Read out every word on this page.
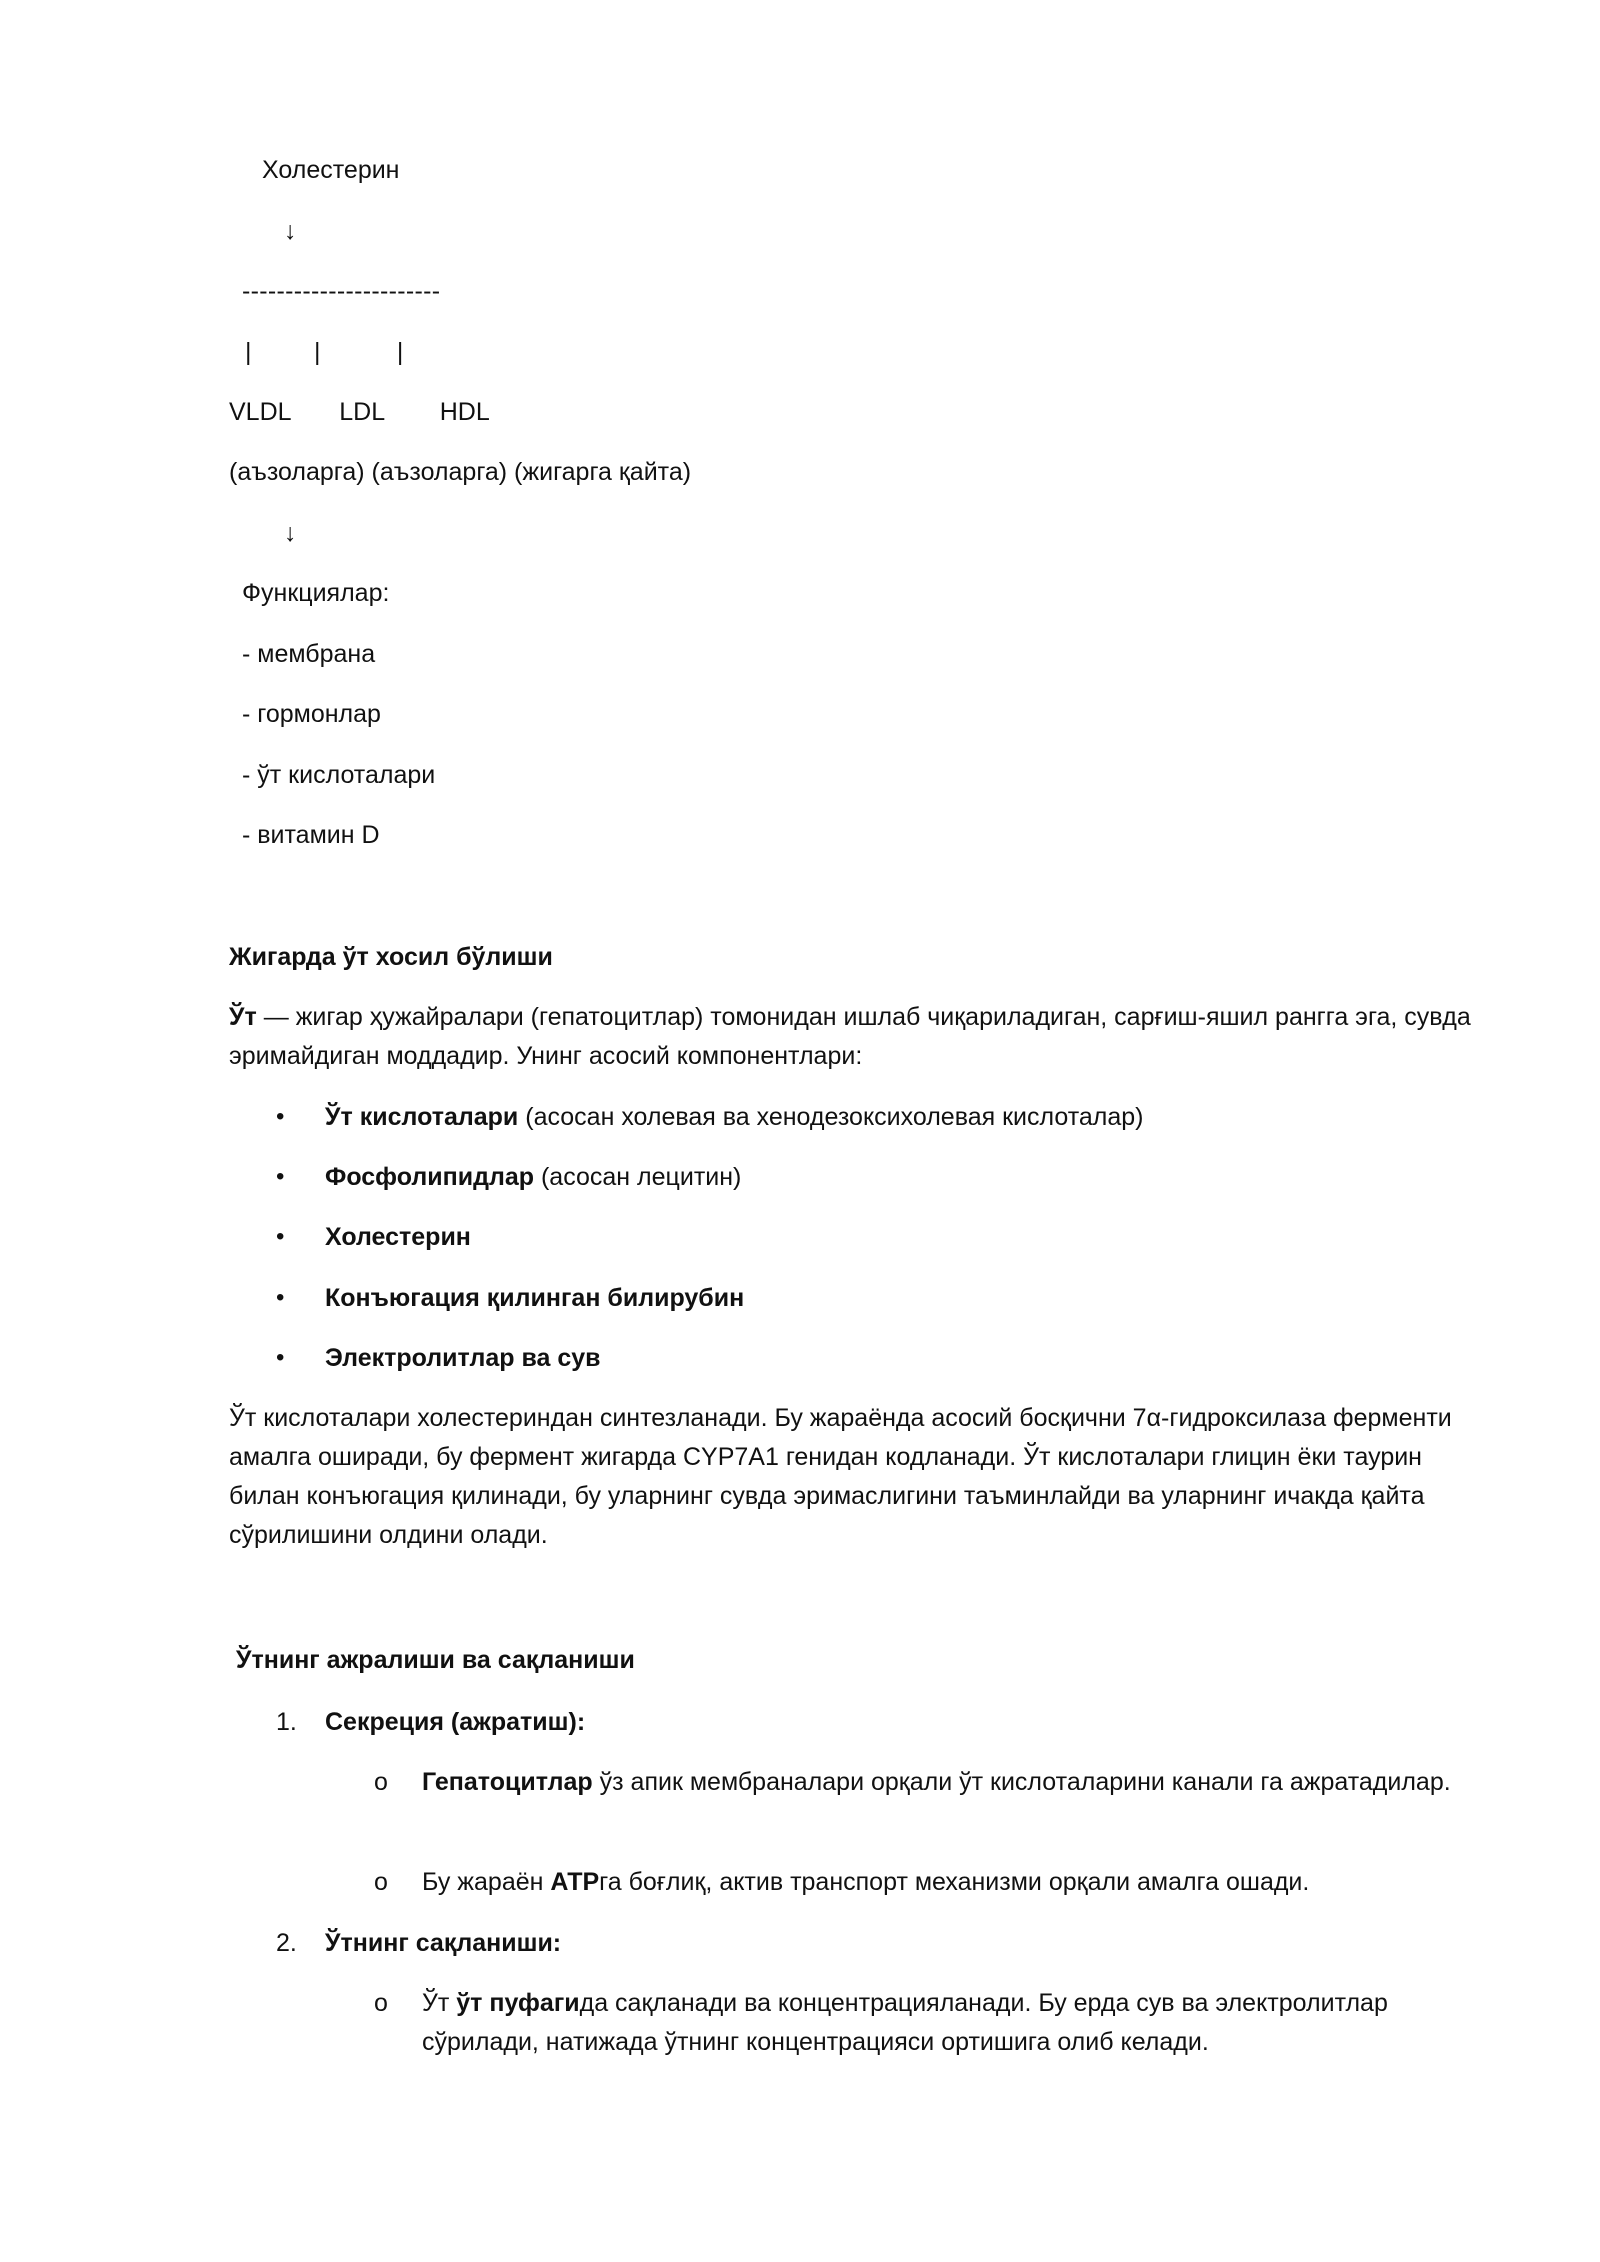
Холестерин
↓
-----------------------
|         |           |
VLDL       LDL        HDL
(аъзоларга) (аъзоларга) (жигарга қайта)
↓
Функциялар:
- мембрана
- гормонлар
- ўт кислоталари
- витамин D
Жигарда ўт хосил бўлиши
Ўт — жигар ҳужайралари (гепатоцитлар) томонидан ишлаб чиқариладиган, сарғиш-яшил рангга эга, сувда эримайдиган моддадир. Унинг асосий компонентлари:
• Ўт кислоталари (асосан холевая ва хенодезоксихолевая кислоталар)
• Фосфолипидлар (асосан лецитин)
• Холестерин
• Конъюгация қилинган билирубин
• Электролитлар ва сув
Ўт кислоталари холестериндан синтезланади. Бу жараёнда асосий босқични 7α-гидроксилаза ферменти амалга оширади, бу фермент жигарда CYP7A1 генидан кодланади. Ўт кислоталари глицин ёки таурин билан конъюгация қилинади, бу уларнинг сувда эримаслигини таъминлайди ва уларнинг ичакда қайта сўрилишини олдини олади.
Ўтнинг ажралиши ва сақланиши
1. Секреция (ажратиш):
o Гепатоцитлар ўз апик мембраналари орқали ўт кислоталарини канали га ажратадилар.
o Бу жараён АТРга боғлиқ, актив транспорт механизми орқали амалга ошади.
2. Ўтнинг сақланиши:
o Ўт ўт пуфагида сақланади ва концентрацияланади. Бу ерда сув ва электролитлар сўрилади, натижада ўтнинг концентрацияси ортишига олиб келади.
